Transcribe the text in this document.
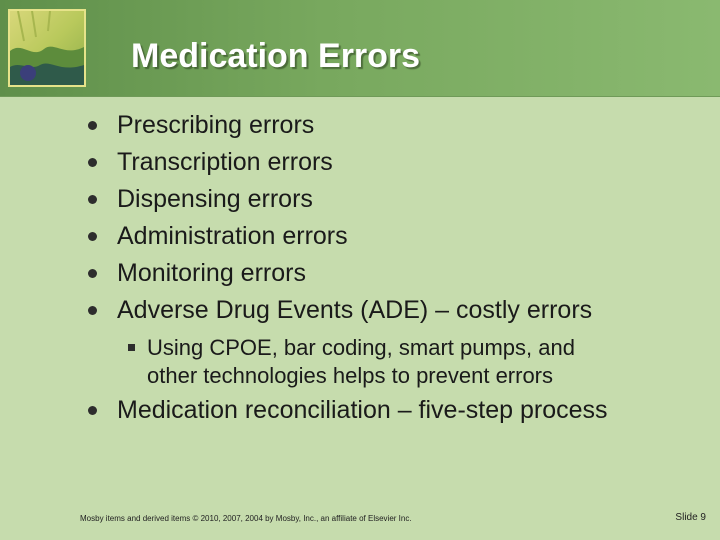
Medication Errors
Prescribing errors
Transcription errors
Dispensing errors
Administration errors
Monitoring errors
Adverse Drug Events (ADE) – costly errors
Using CPOE, bar coding, smart pumps, and
other technologies helps to prevent errors
Medication reconciliation – five-step process
Mosby items and derived items © 2010, 2007, 2004 by Mosby, Inc., an affiliate of Elsevier Inc.	Slide 9
